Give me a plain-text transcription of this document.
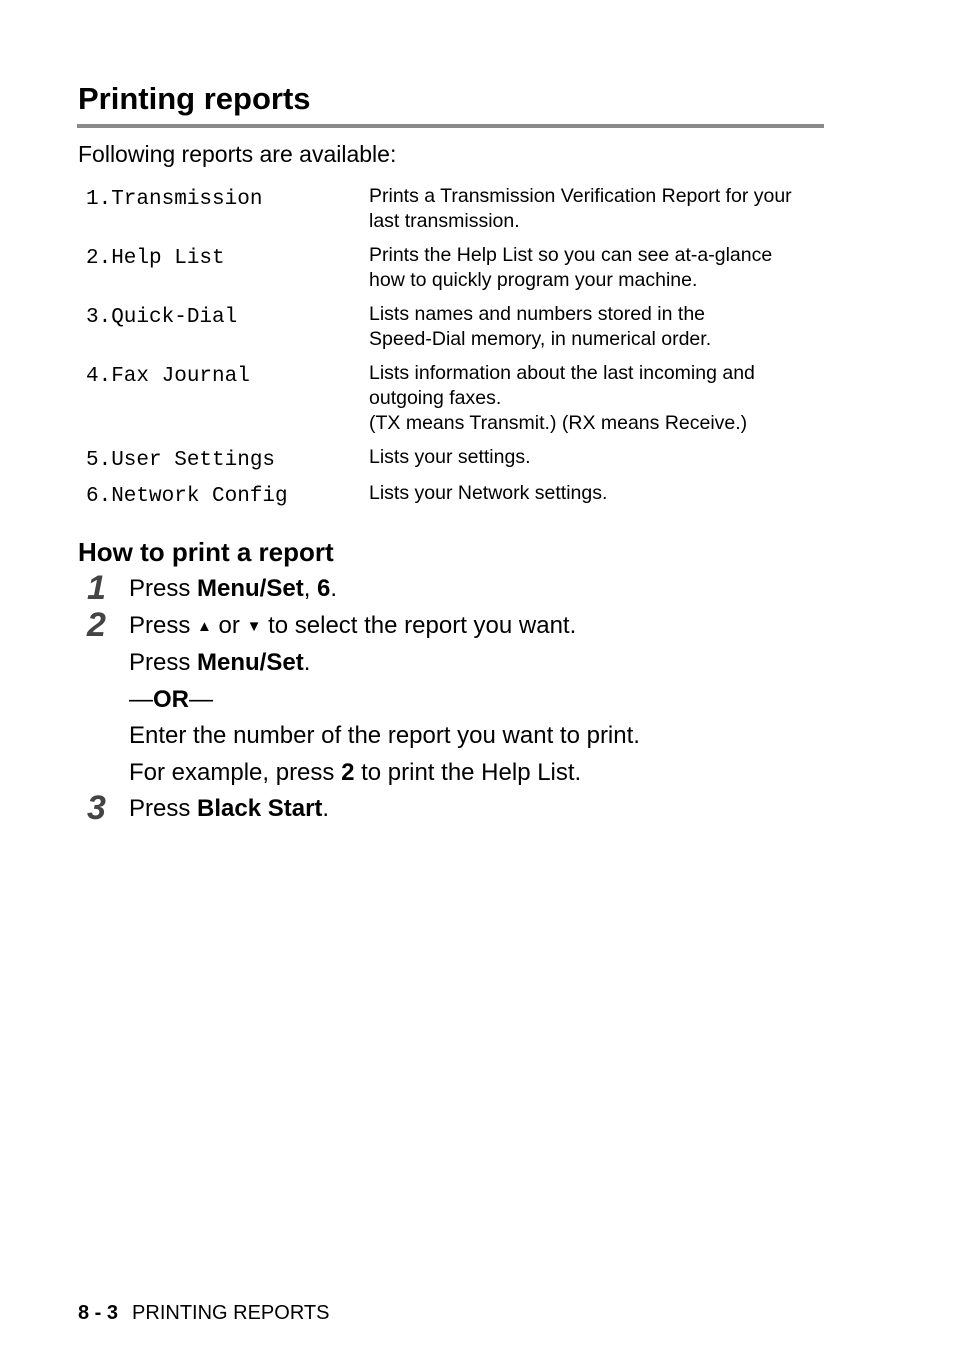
Printing reports
Following reports are available:
1.Transmission	Prints a Transmission Verification Report for your
last transmission.
2.Help List	Prints the Help List so you can see at-a-glance
how to quickly program your machine.
3.Quick-Dial	Lists names and numbers stored in the
Speed-Dial memory, in numerical order.
4.Fax Journal	Lists information about the last incoming and
outgoing faxes.
(TX means Transmit.) (RX means Receive.)
5.User Settings	Lists your settings.
6.Network Config	Lists your Network settings.
How to print a report
1 Press Menu/Set, 6.
2 Press ▲ or ▼ to select the report you want.
Press Menu/Set.
—OR—
Enter the number of the report you want to print.
For example, press 2 to print the Help List.
3 Press Black Start.
8 - 3 PRINTING REPORTS
